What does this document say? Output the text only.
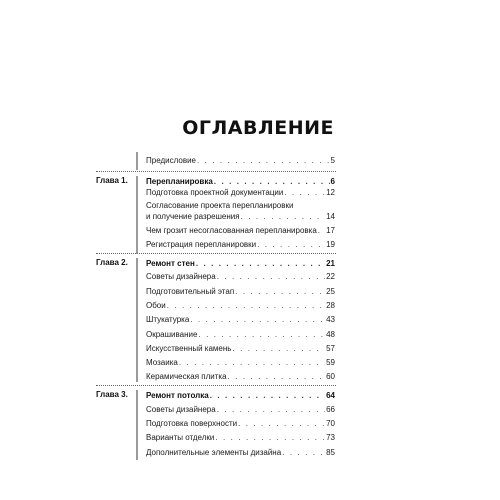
ОГЛАВЛЕНИЕ
Предисловие . . .	5
Глава 1. Перепланировка . . .	6
Подготовка проектной документации . . .	12
Согласование проекта перепланировки
и получение разрешения . . .	14
Чем грозит несогласованная перепланировка . . . 17
Регистрация перепланировки . . .	19
Глава 2. Ремонт стен . . .	21
Советы дизайнера . . .	22
Подготовительный этап . . .	25
Обои . . .	28
Штукатурка . . .	43
Окрашивание . . .	48
Искусственный камень . . .	57
Мозаика . . .	59
Керамическая плитка . . .	60
Глава 3. Ремонт потолка . . .	64
Советы дизайнера . . .	66
Подготовка поверхности . . .	70
Варианты отделки . . .	73
Дополнительные элементы дизайна . . .	85
